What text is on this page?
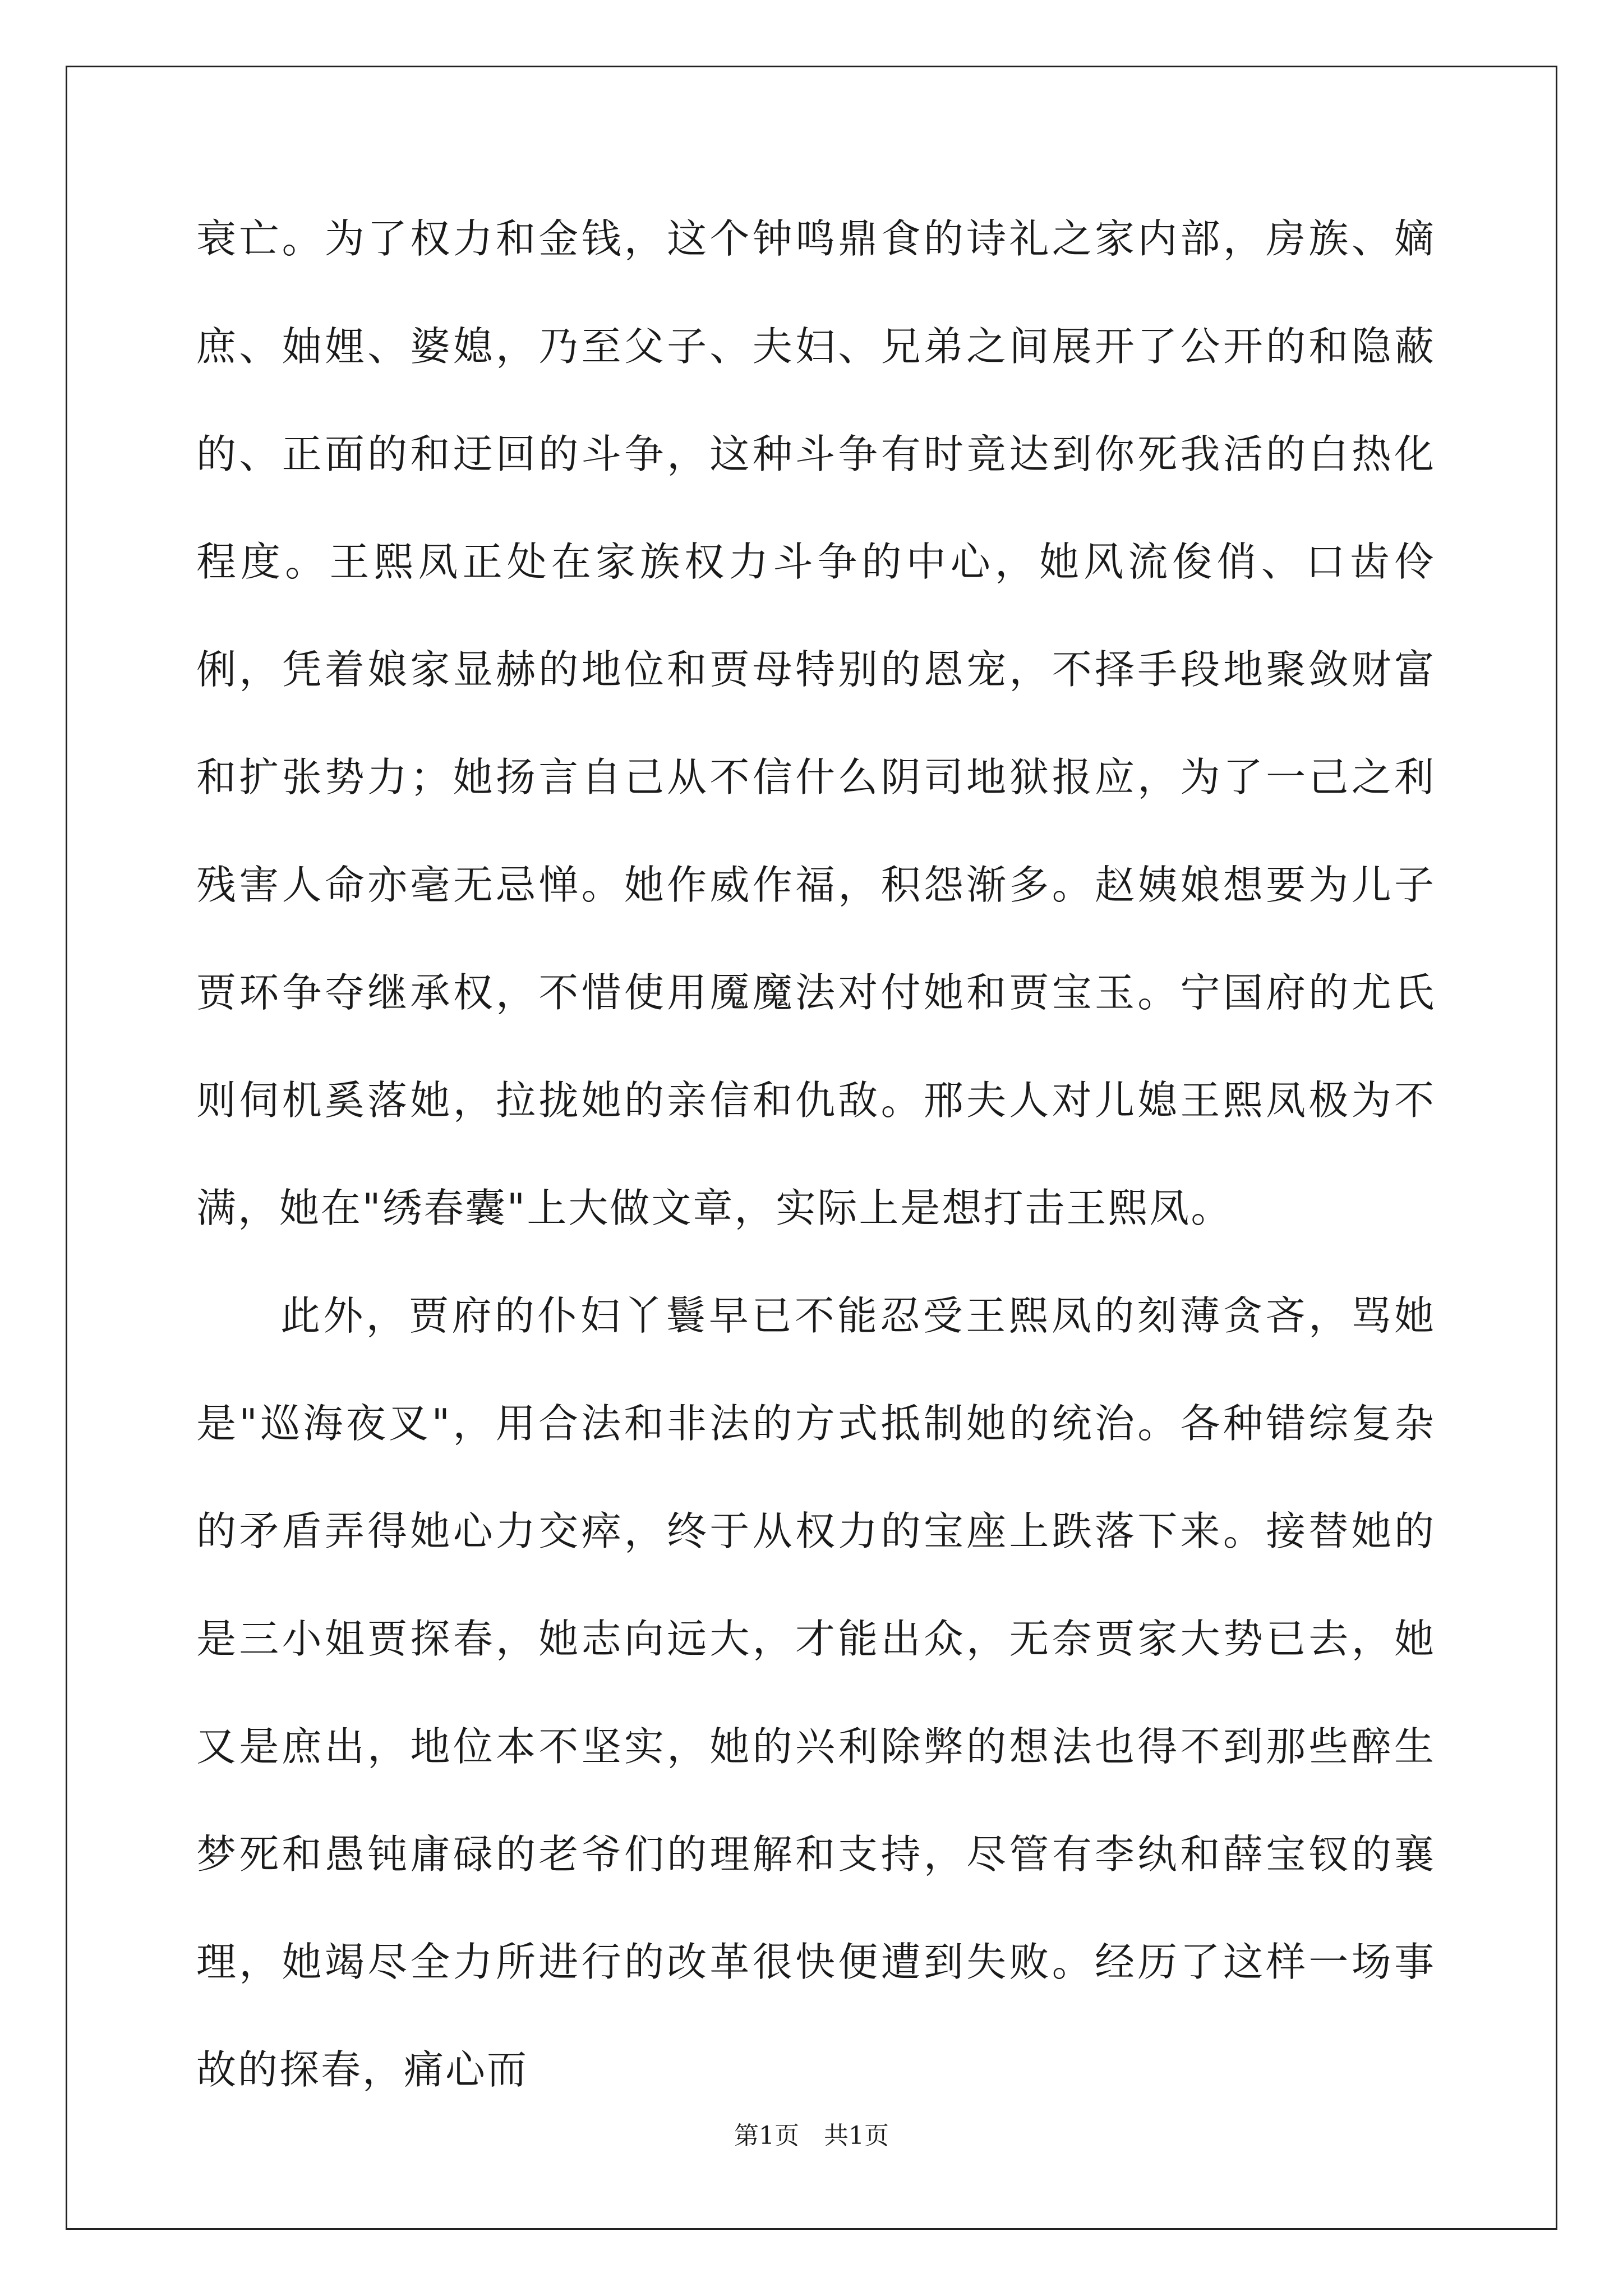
衰亡。为了权力和金钱，这个钟鸣鼎食的诗礼之家内部，房族、嫡庶、妯娌、婆媳，乃至父子、夫妇、兄弟之间展开了公开的和隐蔽的、正面的和迂回的斗争，这种斗争有时竟达到你死我活的白热化程度。王熙凤正处在家族权力斗争的中心，她风流俊俏、口齿伶俐，凭着娘家显赫的地位和贾母特别的恩宠，不择手段地聚敛财富和扩张势力；她扬言自己从不信什么阴司地狱报应，为了一己之利残害人命亦毫无忌惮。她作威作福，积怨渐多。赵姨娘想要为儿子贾环争夺继承权，不惜使用魇魔法对付她和贾宝玉。宁国府的尤氏则伺机奚落她，拉拢她的亲信和仇敌。邢夫人对儿媳王熙凤极为不满，她在"绣春囊"上大做文章，实际上是想打击王熙凤。

此外，贾府的仆妇丫鬟早已不能忍受王熙凤的刻薄贪吝，骂她是"巡海夜叉"，用合法和非法的方式抵制她的统治。各种错综复杂的矛盾弄得她心力交瘁，终于从权力的宝座上跌落下来。接替她的是三小姐贾探春，她志向远大，才能出众，无奈贾家大势已去，她又是庶出，地位本不坚实，她的兴利除弊的想法也得不到那些醉生梦死和愚钝庸碌的老爷们的理解和支持，尽管有李纨和薛宝钗的襄理，她竭尽全力所进行的改革很快便遭到失败。经历了这样一场事故的探春，痛心而

第1页　共1页
